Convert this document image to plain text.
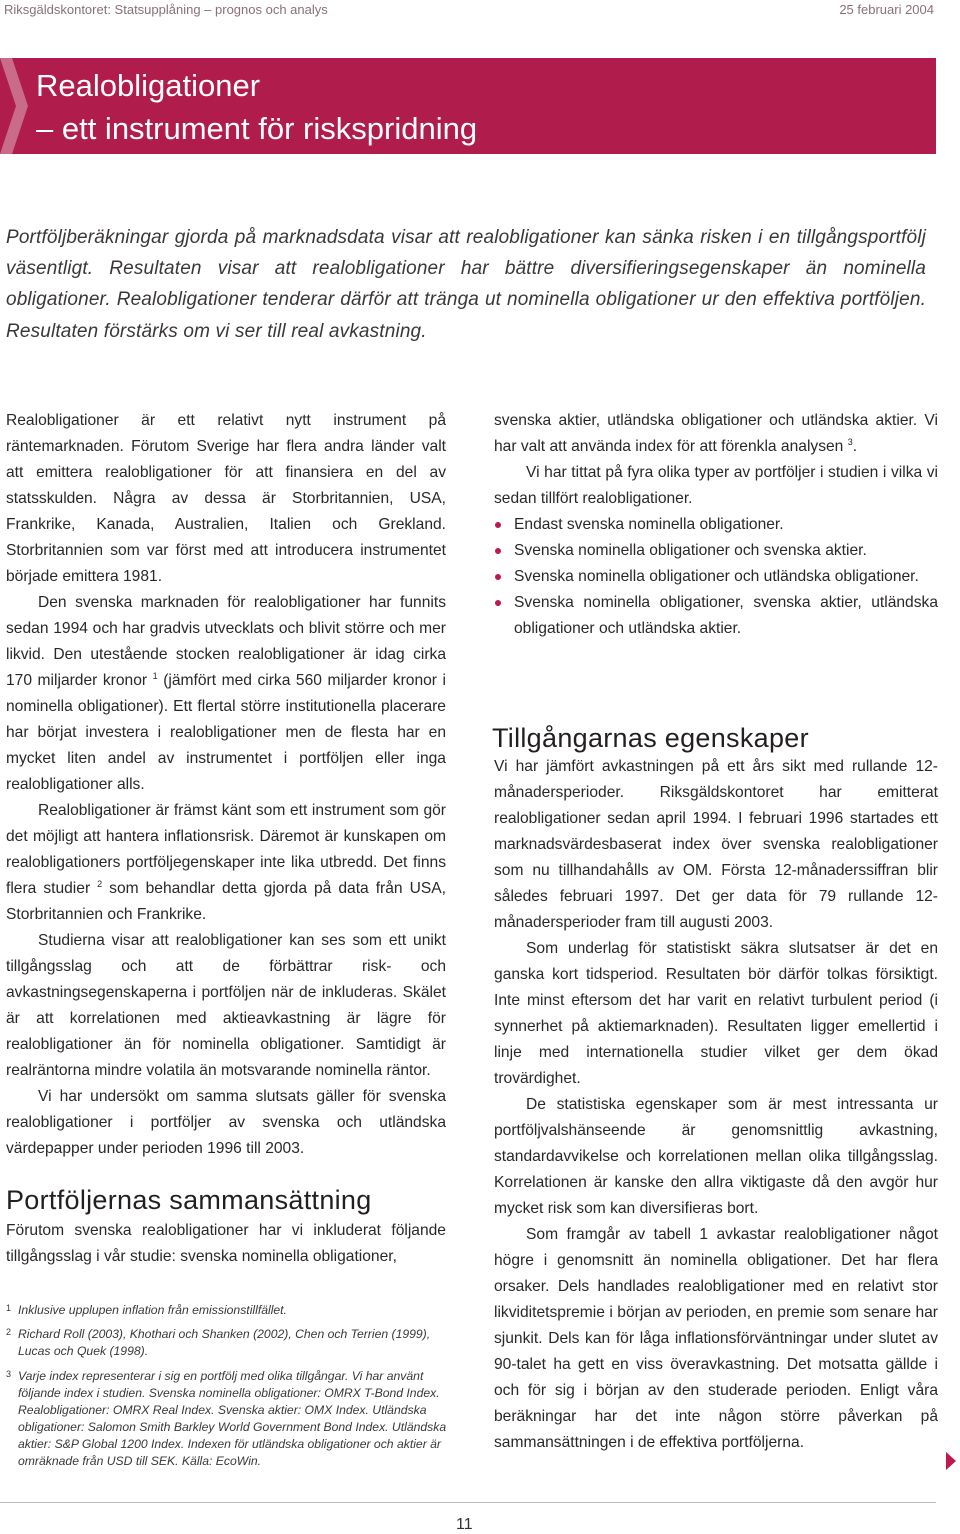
Riksgäldskontoret: Statsupplåning – prognos och analys	25 februari 2004
Realobligationer
– ett instrument för riskspridning
Portföljberäkningar gjorda på marknadsdata visar att realobligationer kan sänka risken i en tillgångsportfölj väsentligt. Resultaten visar att realobligationer har bättre diversifieringsegenskaper än nominella obligationer. Realobligationer tenderar därför att tränga ut nominella obligationer ur den effektiva portföljen. Resultaten förstärks om vi ser till real avkastning.

Realobligationer är ett relativt nytt instrument på räntemarknaden. Förutom Sverige har flera andra länder valt att emittera realobligationer för att finansiera en del av statsskulden. Några av dessa är Storbritannien, USA, Frankrike, Kanada, Australien, Italien och Grekland. Storbritannien som var först med att introducera instrumentet började emittera 1981.

Den svenska marknaden för realobligationer har funnits sedan 1994 och har gradvis utvecklats och blivit större och mer likvid. Den utestående stocken realobligationer är idag cirka 170 miljarder kronor $^1$ (jämfört med cirka 560 miljarder kronor i nominella obligationer). Ett flertal större institutionella placerare har börjat investera i realobligationer men de flesta har en mycket liten andel av instrumentet i portföljen eller inga realobligationer alls.

Realobligationer är främst känt som ett instrument som gör det möjligt att hantera inflationsrisk. Däremot är kunskapen om realobligationers portföljegenskaper inte lika utbredd. Det finns flera studier $^2$ som behandlar detta gjorda på data från USA, Storbritannien och Frankrike.

Studierna visar att realobligationer kan ses som ett unikt tillgångsslag och att de förbättrar risk- och avkastningsegenskaperna i portföljen när de inkluderas. Skälet är att korrelationen med aktieavkastning är lägre för realobligationer än för nominella obligationer. Samtidigt är realräntorna mindre volatila än motsvarande nominella räntor.

Vi har undersökt om samma slutsats gäller för svenska realobligationer i portföljer av svenska och utländska värdepapper under perioden 1996 till 2003.

Portföljernas sammansättning

Förutom svenska realobligationer har vi inkluderat följande tillgångsslag i vår studie: svenska nominella obligationer,

1 Inklusive upplupen inflation från emissionstillfället.
2 Richard Roll (2003), Khothari och Shanken (2002), Chen och Terrien (1999), Lucas och Quek (1998).
3 Varje index representerar i sig en portfölj med olika tillgångar. Vi har använt följande index i studien. Svenska nominella obligationer: OMRX T-Bond Index. Realobligationer: OMRX Real Index. Svenska aktier: OMX Index. Utländska obligationer: Salomon Smith Barkley World Government Bond Index. Utländska aktier: S&P Global 1200 Index. Indexen för utländska obligationer och aktier är omräknade från USD till SEK. Källa: EcoWin.

svenska aktier, utländska obligationer och utländska aktier. Vi har valt att använda index för att förenkla analysen $^3$.

Vi har tittat på fyra olika typer av portföljer i studien i vilka vi sedan tillfört realobligationer.

Endast svenska nominella obligationer.
Svenska nominella obligationer och svenska aktier.
Svenska nominella obligationer och utländska obligationer.
Svenska nominella obligationer, svenska aktier, utländska obligationer och utländska aktier.
Tillgångarnas egenskaper

Vi har jämfört avkastningen på ett års sikt med rullande 12-månadersperioder. Riksgäldskontoret har emitterat realobligationer sedan april 1994. I februari 1996 startades ett marknadsvärdesbaserat index över svenska realobligationer som nu tillhandahålls av OM. Första 12-månaderssiffran blir således februari 1997. Det ger data för 79 rullande 12-månadersperioder fram till augusti 2003.

Som underlag för statistiskt säkra slutsatser är det en ganska kort tidsperiod. Resultaten bör därför tolkas försiktigt. Inte minst eftersom det har varit en relativt turbulent period (i synnerhet på aktiemarknaden). Resultaten ligger emellertid i linje med internationella studier vilket ger dem ökad trovärdighet.

De statistiska egenskaper som är mest intressanta ur portföljvalshänseende är genomsnittlig avkastning, standardavvikelse och korrelationen mellan olika tillgångsslag. Korrelationen är kanske den allra viktigaste då den avgör hur mycket risk som kan diversifieras bort.

Som framgår av tabell 1 avkastar realobligationer något högre i genomsnitt än nominella obligationer. Det har flera orsaker. Dels handlades realobligationer med en relativt stor likviditetspremie i början av perioden, en premie som senare har sjunkit. Dels kan för låga inflationsförväntningar under slutet av 90-talet ha gett en viss överavkastning. Det motsatta gällde i och för sig i början av den studerade perioden. Enligt våra beräkningar har det inte någon större påverkan på sammansättningen i de effektiva portföljerna.

11
